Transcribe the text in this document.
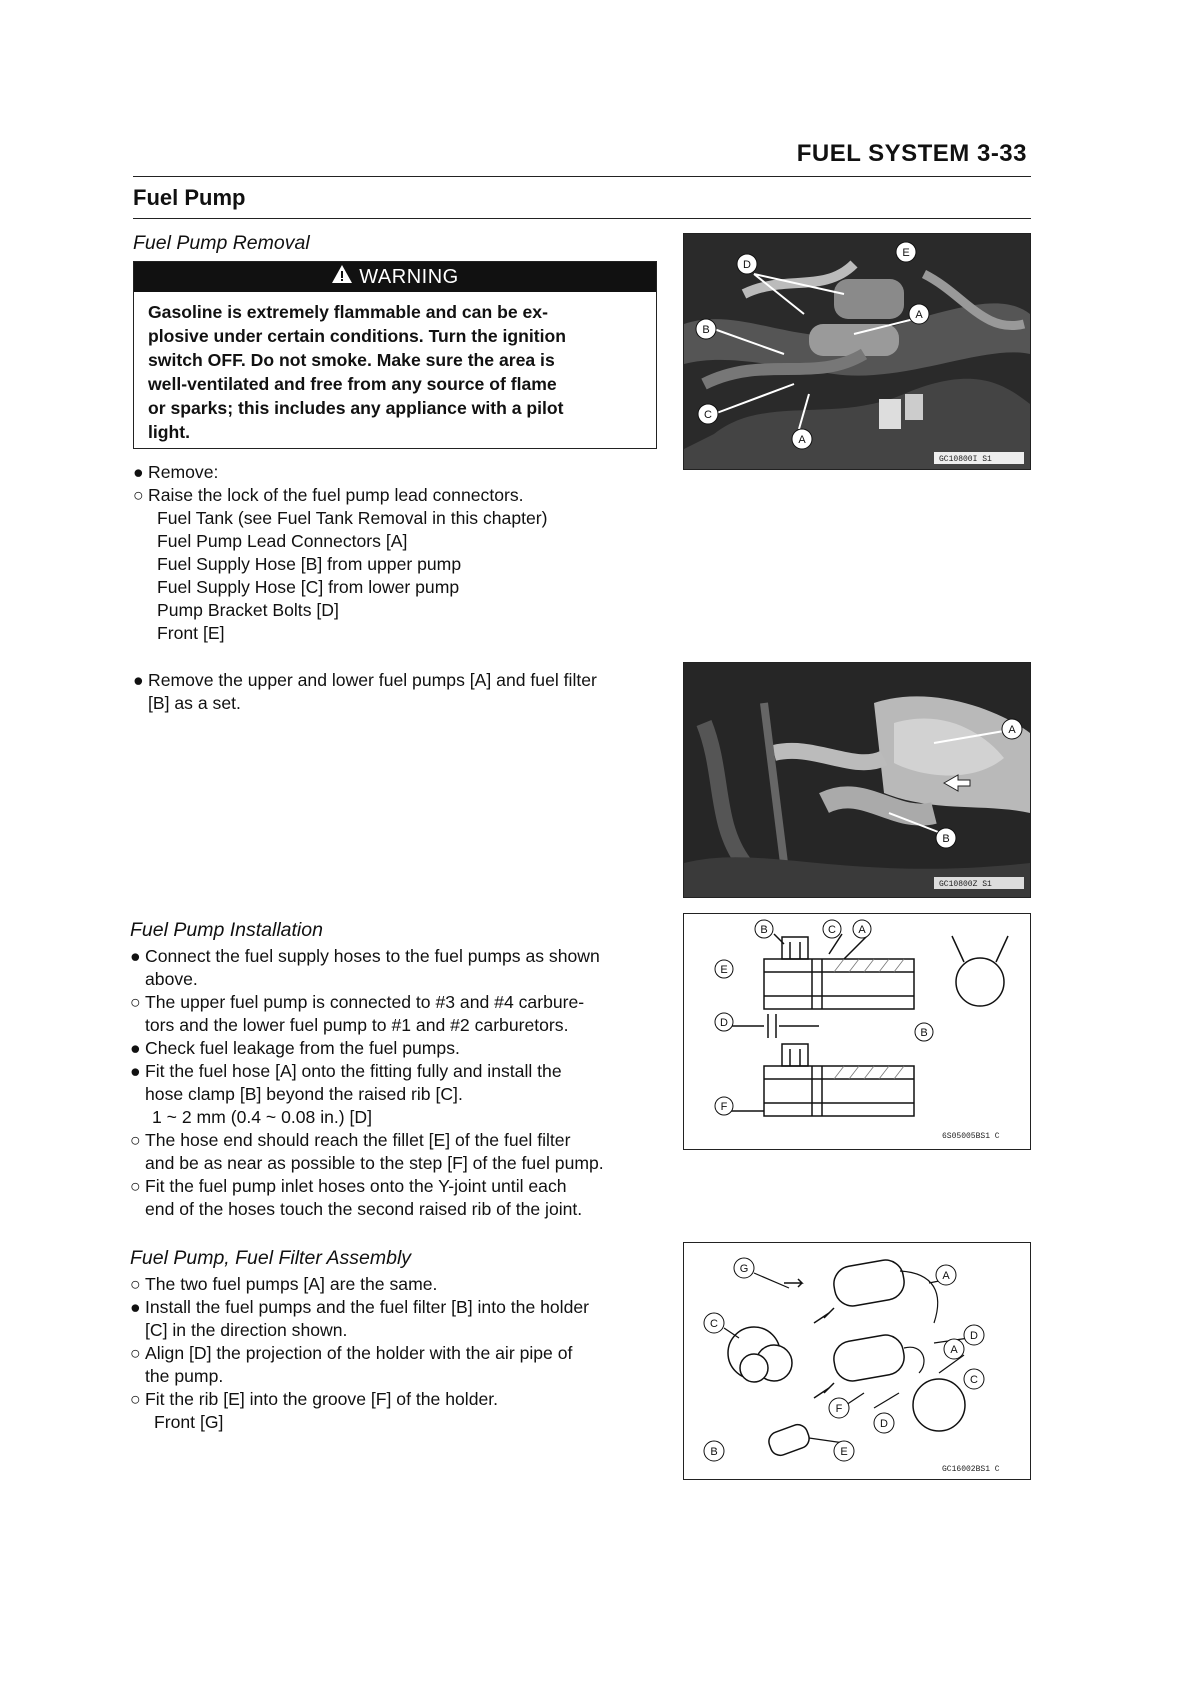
FUEL SYSTEM 3-33
Fuel Pump
Fuel Pump Removal
WARNING
Gasoline is extremely flammable and can be ex-
plosive under certain conditions. Turn the ignition
switch OFF. Do not smoke. Make sure the area is
well-ventilated and free from any source of flame
or sparks; this includes any appliance with a pilot
light.
● Remove:
○ Raise the lock of the fuel pump lead connectors.
Fuel Tank (see Fuel Tank Removal in this chapter)
Fuel Pump Lead Connectors [A]
Fuel Supply Hose [B] from upper pump
Fuel Supply Hose [C] from lower pump
Pump Bracket Bolts [D]
Front [E]
● Remove the upper and lower fuel pumps [A] and fuel filter
[B] as a set.
Fuel Pump Installation
● Connect the fuel supply hoses to the fuel pumps as shown
above.
○ The upper fuel pump is connected to #3 and #4 carbure-
tors and the lower fuel pump to #1 and #2 carburetors.
● Check fuel leakage from the fuel pumps.
● Fit the fuel hose [A] onto the fitting fully and install the
hose clamp [B] beyond the raised rib [C].
1 ~ 2 mm (0.4 ~ 0.08 in.) [D]
○ The hose end should reach the fillet [E] of the fuel filter
and be as near as possible to the step [F] of the fuel pump.
○ Fit the fuel pump inlet hoses onto the Y-joint until each
end of the hoses touch the second raised rib of the joint.
Fuel Pump, Fuel Filter Assembly
○ The two fuel pumps [A] are the same.
● Install the fuel pumps and the fuel filter [B] into the holder
[C] in the direction shown.
○ Align [D] the projection of the holder with the air pipe of
the pump.
○ Fit the rib [E] into the groove [F] of the holder.
Front [G]
B
D
A
C
A
E
GC10800I S1
A
B
GC10800Z S1
B	C A
E
D
F
B
6S05005BS1 C
G
C
A
D
A
C
F
D
B	E
GC16002BS1 C
